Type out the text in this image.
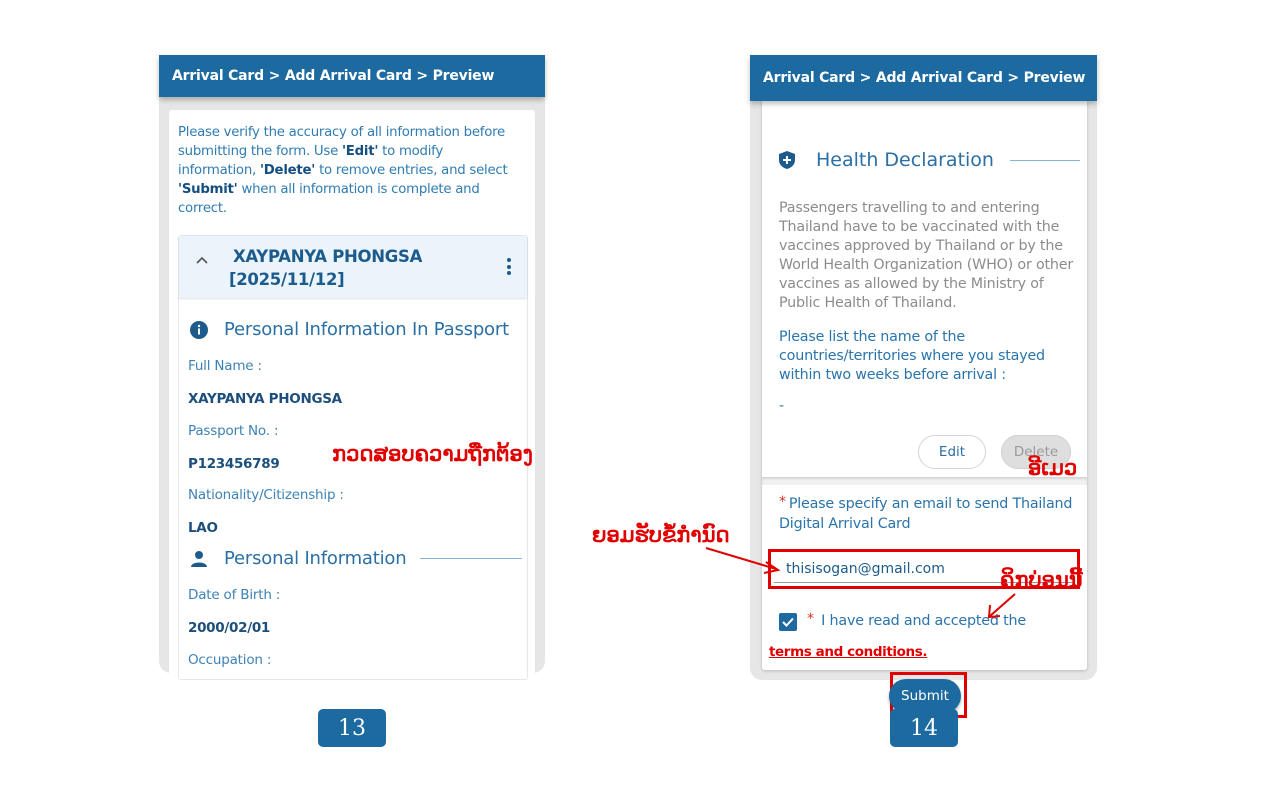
Arrival Card > Add Arrival Card > Preview
Please verify the accuracy of all information before submitting the form. Use 'Edit' to modify information, 'Delete' to remove entries, and select 'Submit' when all information is complete and correct.
XAYPANYA PHONGSA
[2025/11/12]
Personal Information In Passport
Full Name :
XAYPANYA PHONGSA
Passport No. :
P123456789
Nationality/Citizenship :
LAO
Personal Information
Date of Birth :
2000/02/01
Occupation :
ກວດສອບຄວາມຖືກຕ້ອງ
Arrival Card > Add Arrival Card > Preview
Health Declaration
Passengers travelling to and entering Thailand have to be vaccinated with the vaccines approved by Thailand or by the World Health Organization (WHO) or other vaccines as allowed by the Ministry of Public Health of Thailand.
Please list the name of the countries/territories where you stayed within two weeks before arrival :
-
Edit	Delete
* Please specify an email to send Thailand Digital Arrival Card
thisisogan@gmail.com
* I have read and accepted the
terms and conditions.
Submit
ອີເມວ
ຍອມຮັບຂໍ້ກຳນົດ
ຄິກບ່ອນນີ້
13	14
